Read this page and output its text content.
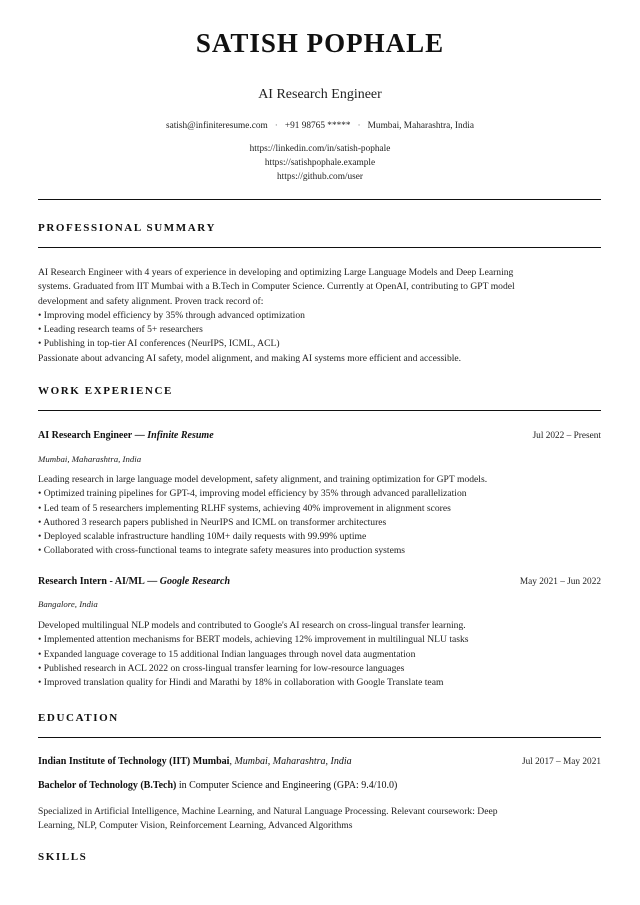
SATISH POPHALE
AI Research Engineer
satish@infiniteresume.com · +91 98765 ***** · Mumbai, Maharashtra, India
https://linkedin.com/in/satish-pophale
https://satishpophale.example
https://github.com/user
PROFESSIONAL SUMMARY
AI Research Engineer with 4 years of experience in developing and optimizing Large Language Models and Deep Learning
systems. Graduated from IIT Mumbai with a B.Tech in Computer Science. Currently at OpenAI, contributing to GPT model
development and safety alignment. Proven track record of:
• Improving model efficiency by 35% through advanced optimization
• Leading research teams of 5+ researchers
• Publishing in top-tier AI conferences (NeurIPS, ICML, ACL)
Passionate about advancing AI safety, model alignment, and making AI systems more efficient and accessible.
WORK EXPERIENCE
AI Research Engineer — Infinite Resume	Jul 2022 – Present
Mumbai, Maharashtra, India
Leading research in large language model development, safety alignment, and training optimization for GPT models.
• Optimized training pipelines for GPT-4, improving model efficiency by 35% through advanced parallelization
• Led team of 5 researchers implementing RLHF systems, achieving 40% improvement in alignment scores
• Authored 3 research papers published in NeurIPS and ICML on transformer architectures
• Deployed scalable infrastructure handling 10M+ daily requests with 99.99% uptime
• Collaborated with cross-functional teams to integrate safety measures into production systems
Research Intern - AI/ML — Google Research	May 2021 – Jun 2022
Bangalore, India
Developed multilingual NLP models and contributed to Google's AI research on cross-lingual transfer learning.
• Implemented attention mechanisms for BERT models, achieving 12% improvement in multilingual NLU tasks
• Expanded language coverage to 15 additional Indian languages through novel data augmentation
• Published research in ACL 2022 on cross-lingual transfer learning for low-resource languages
• Improved translation quality for Hindi and Marathi by 18% in collaboration with Google Translate team
EDUCATION
Indian Institute of Technology (IIT) Mumbai, Mumbai, Maharashtra, India	Jul 2017 – May 2021
Bachelor of Technology (B.Tech) in Computer Science and Engineering (GPA: 9.4/10.0)
Specialized in Artificial Intelligence, Machine Learning, and Natural Language Processing. Relevant coursework: Deep
Learning, NLP, Computer Vision, Reinforcement Learning, Advanced Algorithms
SKILLS
